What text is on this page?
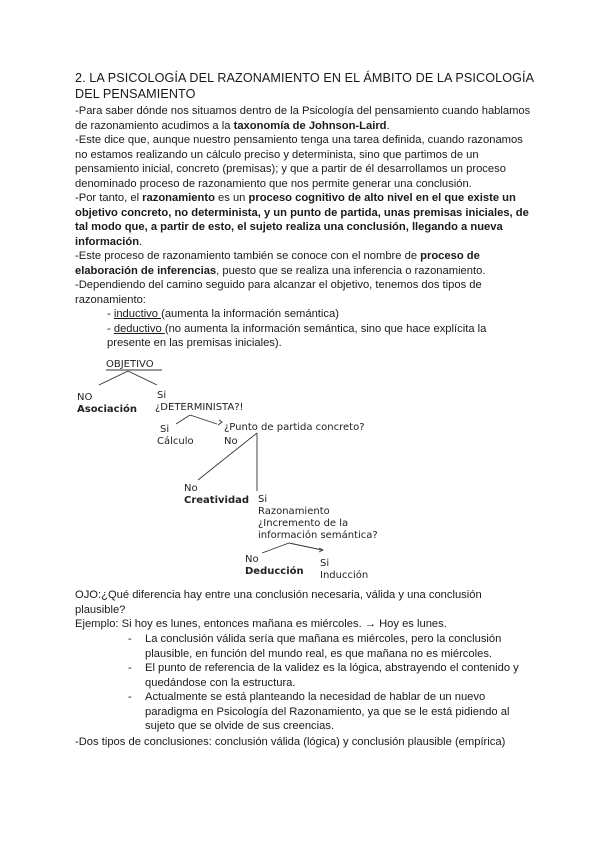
2. LA PSICOLOGÍA DEL RAZONAMIENTO EN EL ÁMBITO DE LA PSICOLOGÍA
DEL PENSAMIENTO
-Para saber dónde nos situamos dentro de la Psicología del pensamiento cuando hablamos
de razonamiento acudimos a la taxonomía de Johnson-Laird.
-Este dice que, aunque nuestro pensamiento tenga una tarea definida, cuando razonamos
no estamos realizando un cálculo preciso y determinista, sino que partimos de un
pensamiento inicial, concreto (premisas); y que a partir de él desarrollamos un proceso
denominado proceso de razonamiento que nos permite generar una conclusión.
-Por tanto, el razonamiento es un proceso cognitivo de alto nivel en el que existe un
objetivo concreto, no determinista, y un punto de partida, unas premisas iniciales, de
tal modo que, a partir de esto, el sujeto realiza una conclusión, llegando a nueva
información.
-Este proceso de razonamiento también se conoce con el nombre de proceso de
elaboración de inferencias, puesto que se realiza una inferencia o razonamiento.
-Dependiendo del camino seguido para alcanzar el objetivo, tenemos dos tipos de
razonamiento:
- inductivo (aumenta la información semántica)
- deductivo (no aumenta la información semántica, sino que hace explícita la
presente en las premisas iniciales).
OBJETIVO
NO
Asociación
Si
¿DETERMINISTA?!
Si
Cálculo	No
¿Punto de partida concreto?
No
Creatividad Si
Razonamiento
¿Incremento de la
información semántica?
No
Deducción
Si
Inducción
OJO:¿Qué diferencia hay entre una conclusión necesaria, válida y una conclusión
plausible?
Ejemplo: Si hoy es lunes, entonces mañana es miércoles. → Hoy es lunes.
- La conclusión válida sería que mañana es miércoles, pero la conclusión
plausible, en función del mundo real, es que mañana no es miércoles.
- El punto de referencia de la validez es la lógica, abstrayendo el contenido y
quedándose con la estructura.
- Actualmente se está planteando la necesidad de hablar de un nuevo
paradigma en Psicología del Razonamiento, ya que se le está pidiendo al
sujeto que se olvide de sus creencias.
-Dos tipos de conclusiones: conclusión válida (lógica) y conclusión plausible (empírica)
